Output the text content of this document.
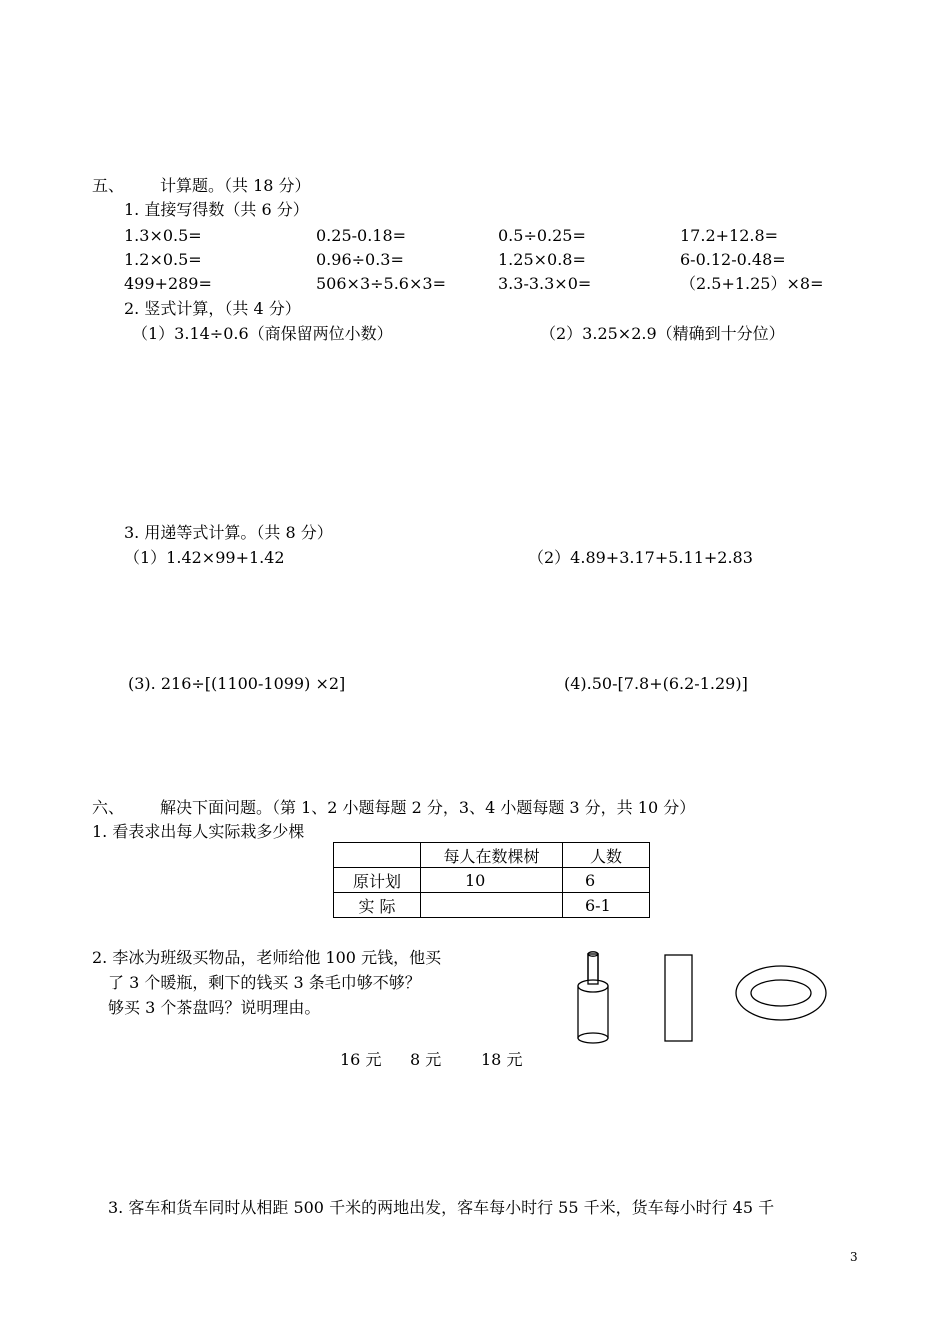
五、 计算题。（共 18 分）
1. 直接写得数（共 6 分）
1.3×0.5=	0.25-0.18=	0.5÷0.25=	17.2+12.8=
1.2×0.5=	0.96÷0.3=	1.25×0.8=	6-0.12-0.48=
499+289=	506×3÷5.6×3=	3.3-3.3×0=	（2.5+1.25）×8=
2. 竖式计算，（共 4 分）
（1）3.14÷0.6（商保留两位小数）	（2）3.25×2.9（精确到十分位）
3. 用递等式计算。（共 8 分）
（1）1.42×99+1.42	（2）4.89+3.17+5.11+2.83
(3). 216÷[(1100-1099) ×2]	(4).50-[7.8+(6.2-1.29)]
六、 解决下面问题。（第 1、2 小题每题 2 分，3、4 小题每题 3 分，共 10 分）
1. 看表求出每人实际栽多少棵
	每人在数棵树	人数
原计划	10	6
实 际		6-1
2. 李冰为班级买物品，老师给他 100 元钱，他买
了 3 个暖瓶，剩下的钱买 3 条毛巾够不够？
够买 3 个茶盘吗？说明理由。
16 元 8 元 18 元
3. 客车和货车同时从相距 500 千米的两地出发，客车每小时行 55 千米，货车每小时行 45 千
3
